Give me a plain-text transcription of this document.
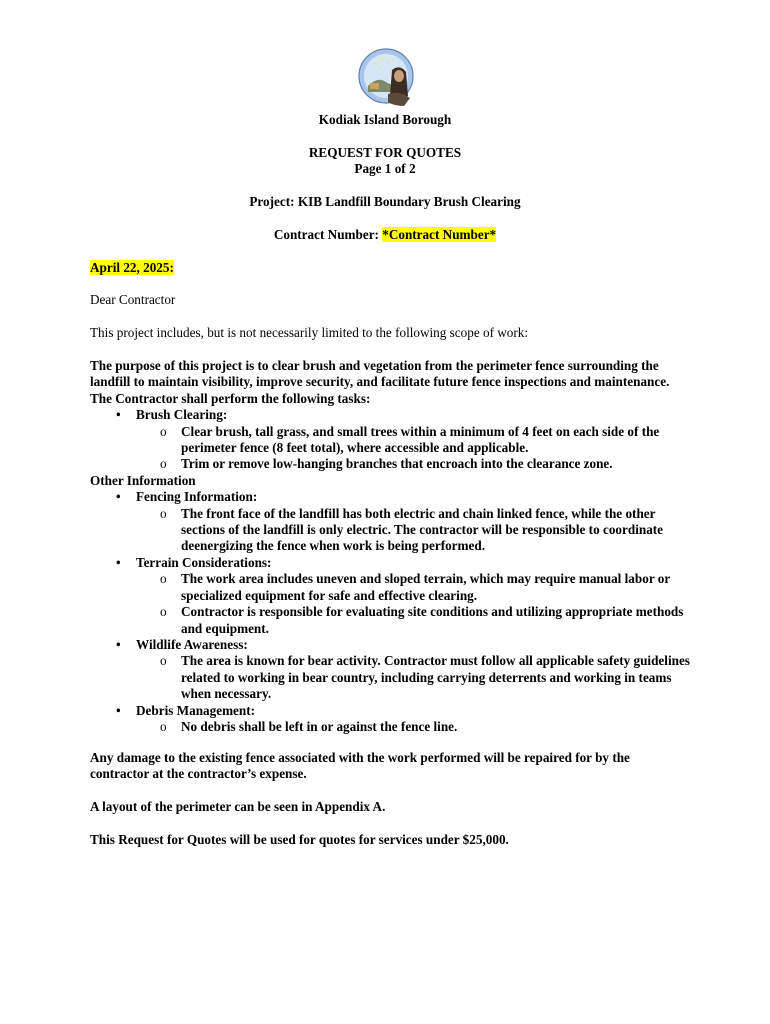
Kodiak Island Borough
REQUEST FOR QUOTES
Page 1 of 2
Project: KIB Landfill Boundary Brush Clearing
Contract Number: *Contract Number*
April 22, 2025:
Dear Contractor
This project includes, but is not necessarily limited to the following scope of work:
The purpose of this project is to clear brush and vegetation from the perimeter fence surrounding the landfill to maintain visibility, improve security, and facilitate future fence inspections and maintenance. The Contractor shall perform the following tasks:
• Brush Clearing:
o Clear brush, tall grass, and small trees within a minimum of 4 feet on each side of the perimeter fence (8 feet total), where accessible and applicable.
o Trim or remove low-hanging branches that encroach into the clearance zone.
Other Information
• Fencing Information:
o The front face of the landfill has both electric and chain linked fence, while the other sections of the landfill is only electric. The contractor will be responsible to coordinate deenergizing the fence when work is being performed.
• Terrain Considerations:
o The work area includes uneven and sloped terrain, which may require manual labor or specialized equipment for safe and effective clearing.
o Contractor is responsible for evaluating site conditions and utilizing appropriate methods and equipment.
• Wildlife Awareness:
o The area is known for bear activity. Contractor must follow all applicable safety guidelines related to working in bear country, including carrying deterrents and working in teams when necessary.
• Debris Management:
o No debris shall be left in or against the fence line.
Any damage to the existing fence associated with the work performed will be repaired for by the contractor at the contractor’s expense.
A layout of the perimeter can be seen in Appendix A.
This Request for Quotes will be used for quotes for services under $25,000.
